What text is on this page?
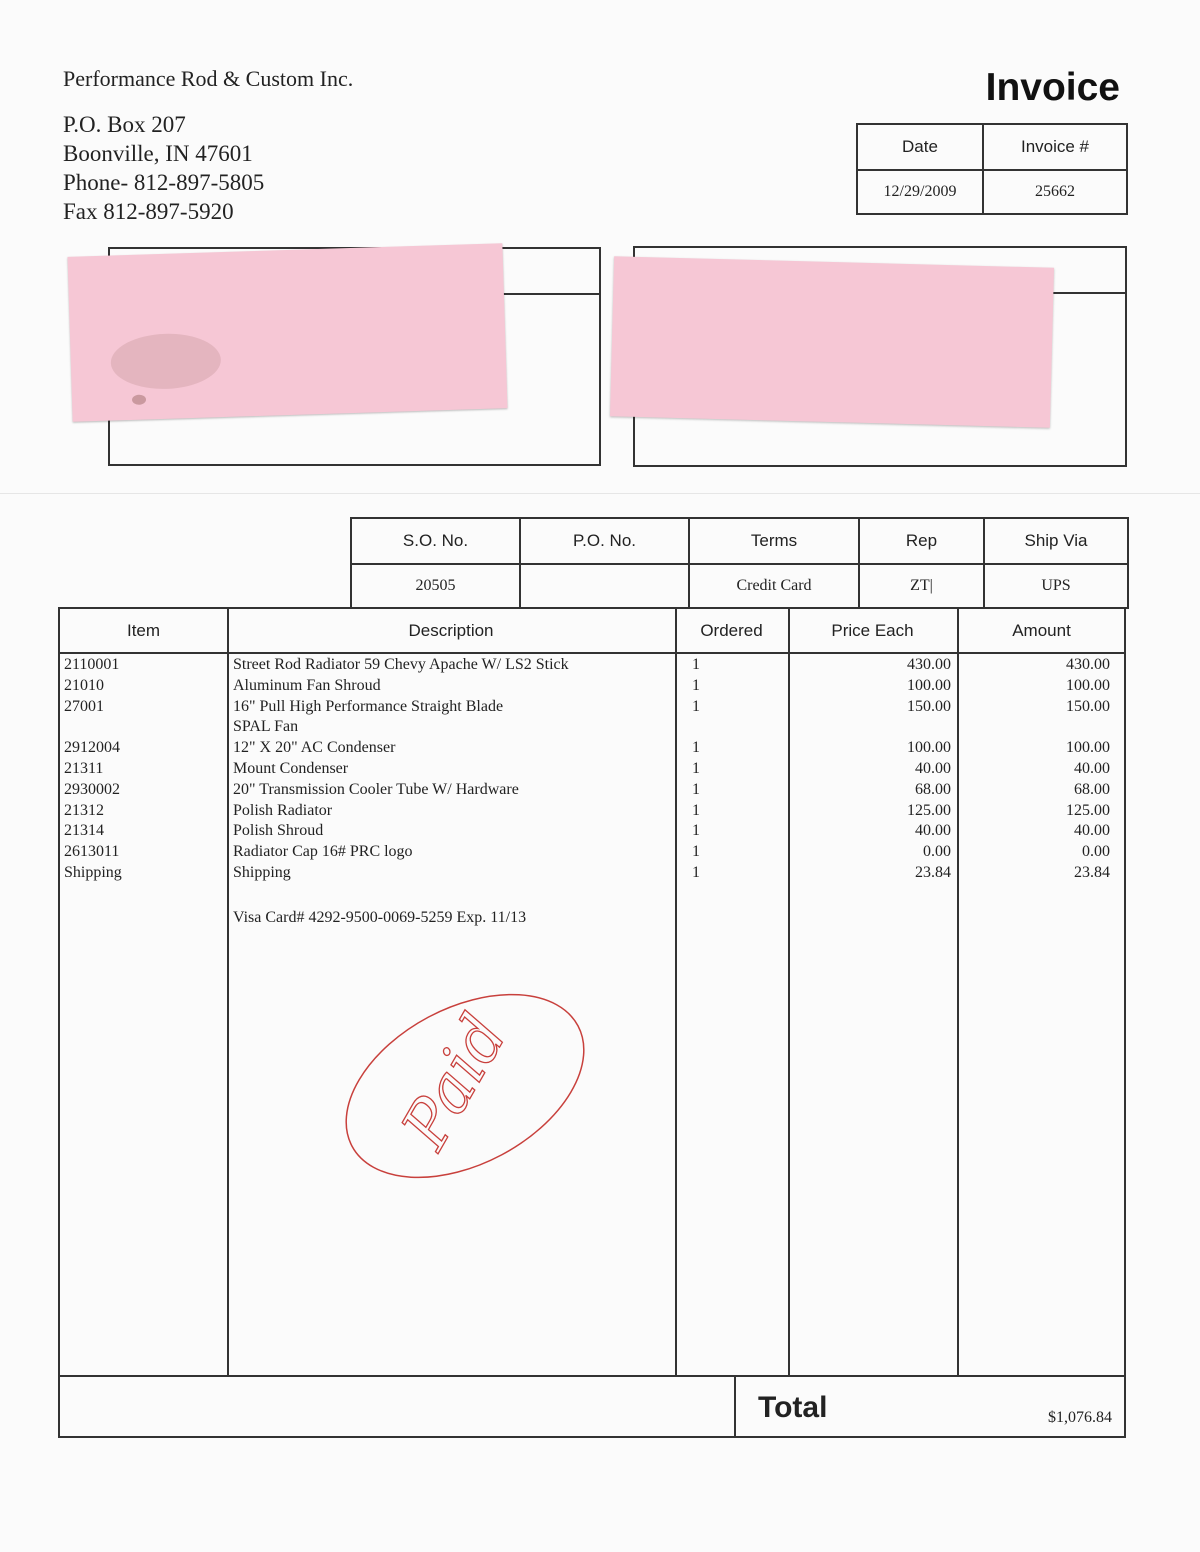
Performance Rod & Custom Inc.
P.O. Box 207
Boonville, IN 47601
Phone- 812-897-5805
Fax 812-897-5920
Invoice
Date	Invoice #
12/29/2009	25662
S.O. No.	P.O. No.	Terms	Rep	Ship Via
20505		Credit Card	ZT|	UPS
Item	Description	Ordered	Price Each	Amount
2110001	Street Rod Radiator 59 Chevy Apache W/ LS2 Stick	1	430.00	430.00
21010	Aluminum Fan Shroud	1	100.00	100.00
27001	16" Pull High Performance Straight Blade	1	150.00	150.00
SPAL Fan
2912004	12" X 20" AC Condenser	1	100.00	100.00
21311	Mount Condenser	1	40.00	40.00
2930002	20" Transmission Cooler Tube W/ Hardware	1	68.00	68.00
21312	Polish Radiator	1	125.00	125.00
21314	Polish Shroud	1	40.00	40.00
2613011	Radiator Cap 16# PRC logo	1	0.00	0.00
Shipping	Shipping	1	23.84	23.84
Visa Card# 4292-9500-0069-5259 Exp. 11/13
Paid
Total	$1,076.84
